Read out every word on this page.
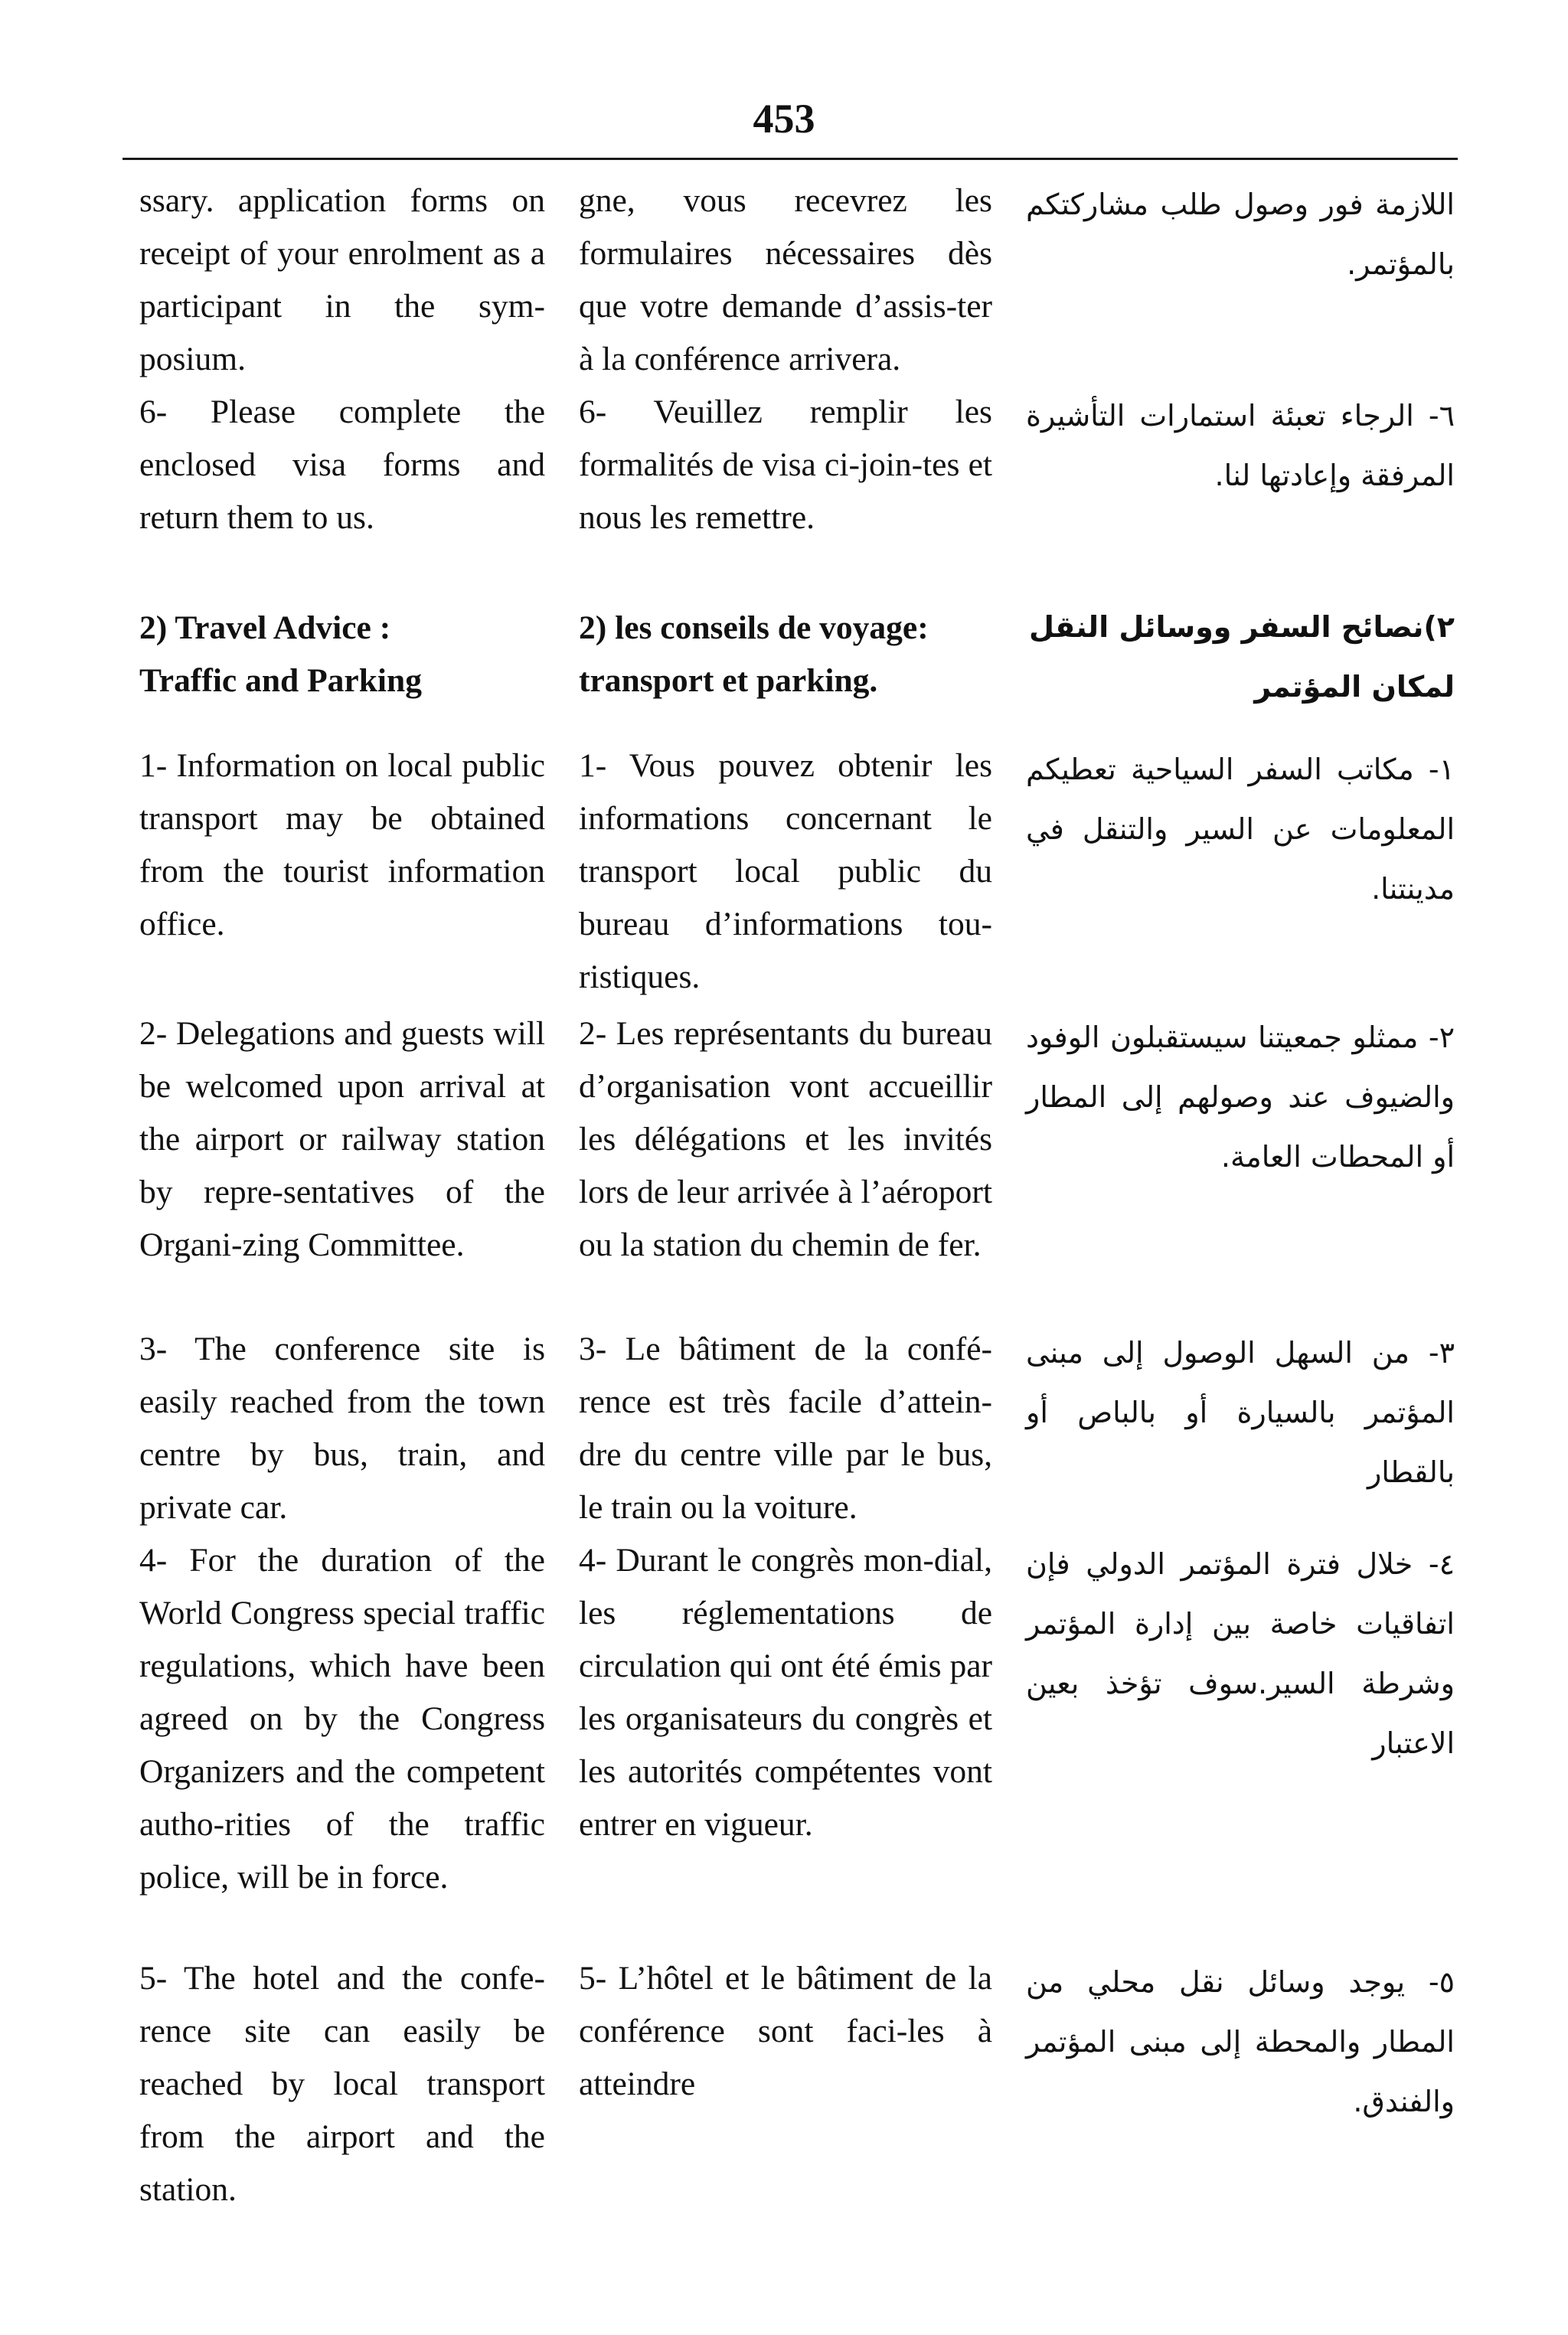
453
ssary. application forms on receipt of your enrolment as a participant in the sym-posium.
6- Please complete the enclosed visa forms and return them to us.
2) Travel Advice :
Traffic and Parking
1- Information on local public transport may be obtained from the tourist information office.
2- Delegations and guests will be welcomed upon arrival at the airport or railway station by repre-sentatives of the Organi-zing Committee.
3- The conference site is easily reached from the town centre by bus, train, and private car.
4- For the duration of the World Congress special traffic regulations, which have been agreed on by the Congress Organizers and the competent autho-rities of the traffic police, will be in force.
5- The hotel and the confe-rence site can easily be reached by local transport from the airport and the station.
gne, vous recevrez les formulaires nécessaires dès que votre demande d’assis-ter à la conférence arrivera.
6- Veuillez remplir les formalités de visa ci-join-tes et nous les remettre.
2) les conseils de voyage:
transport et parking.
1- Vous pouvez obtenir les informations concernant le transport local public du bureau d’informations tou-ristiques.
2- Les représentants du bureau d’organisation vont accueillir les délégations et les invités lors de leur arrivée à l’aéroport ou la station du chemin de fer.
3- Le bâtiment de la confé-rence est très facile d’attein-dre du centre ville par le bus, le train ou la voiture.
4- Durant le congrès mon-dial, les réglementations de circulation qui ont été émis par les organisateurs du congrès et les autorités compétentes vont entrer en vigueur.
5- L’hôtel et le bâtiment de la conférence sont faci-les à atteindre
اللازمة فور وصول طلب مشاركتكم بالمؤتمر.
٦- الرجاء تعبئة استمارات التأشيرة المرفقة وإعادتها لنا.
٢)نصائح السفر ووسائل النقل لمكان المؤتمر
١- مكاتب السفر السياحية تعطيكم المعلومات عن السير والتنقل في مدينتنا.
٢- ممثلو جمعيتنا سيستقبلون الوفود والضيوف عند وصولهم إلى المطار أو المحطات العامة.
٣- من السهل الوصول إلى مبنى المؤتمر بالسيارة أو بالباص أو بالقطار
٤- خلال فترة المؤتمر الدولي فإن اتفاقيات خاصة بين إدارة المؤتمر وشرطة السير.سوف تؤخذ بعين الاعتبار
٥- يوجد وسائل نقل محلي من المطار والمحطة إلى مبنى المؤتمر والفندق.
